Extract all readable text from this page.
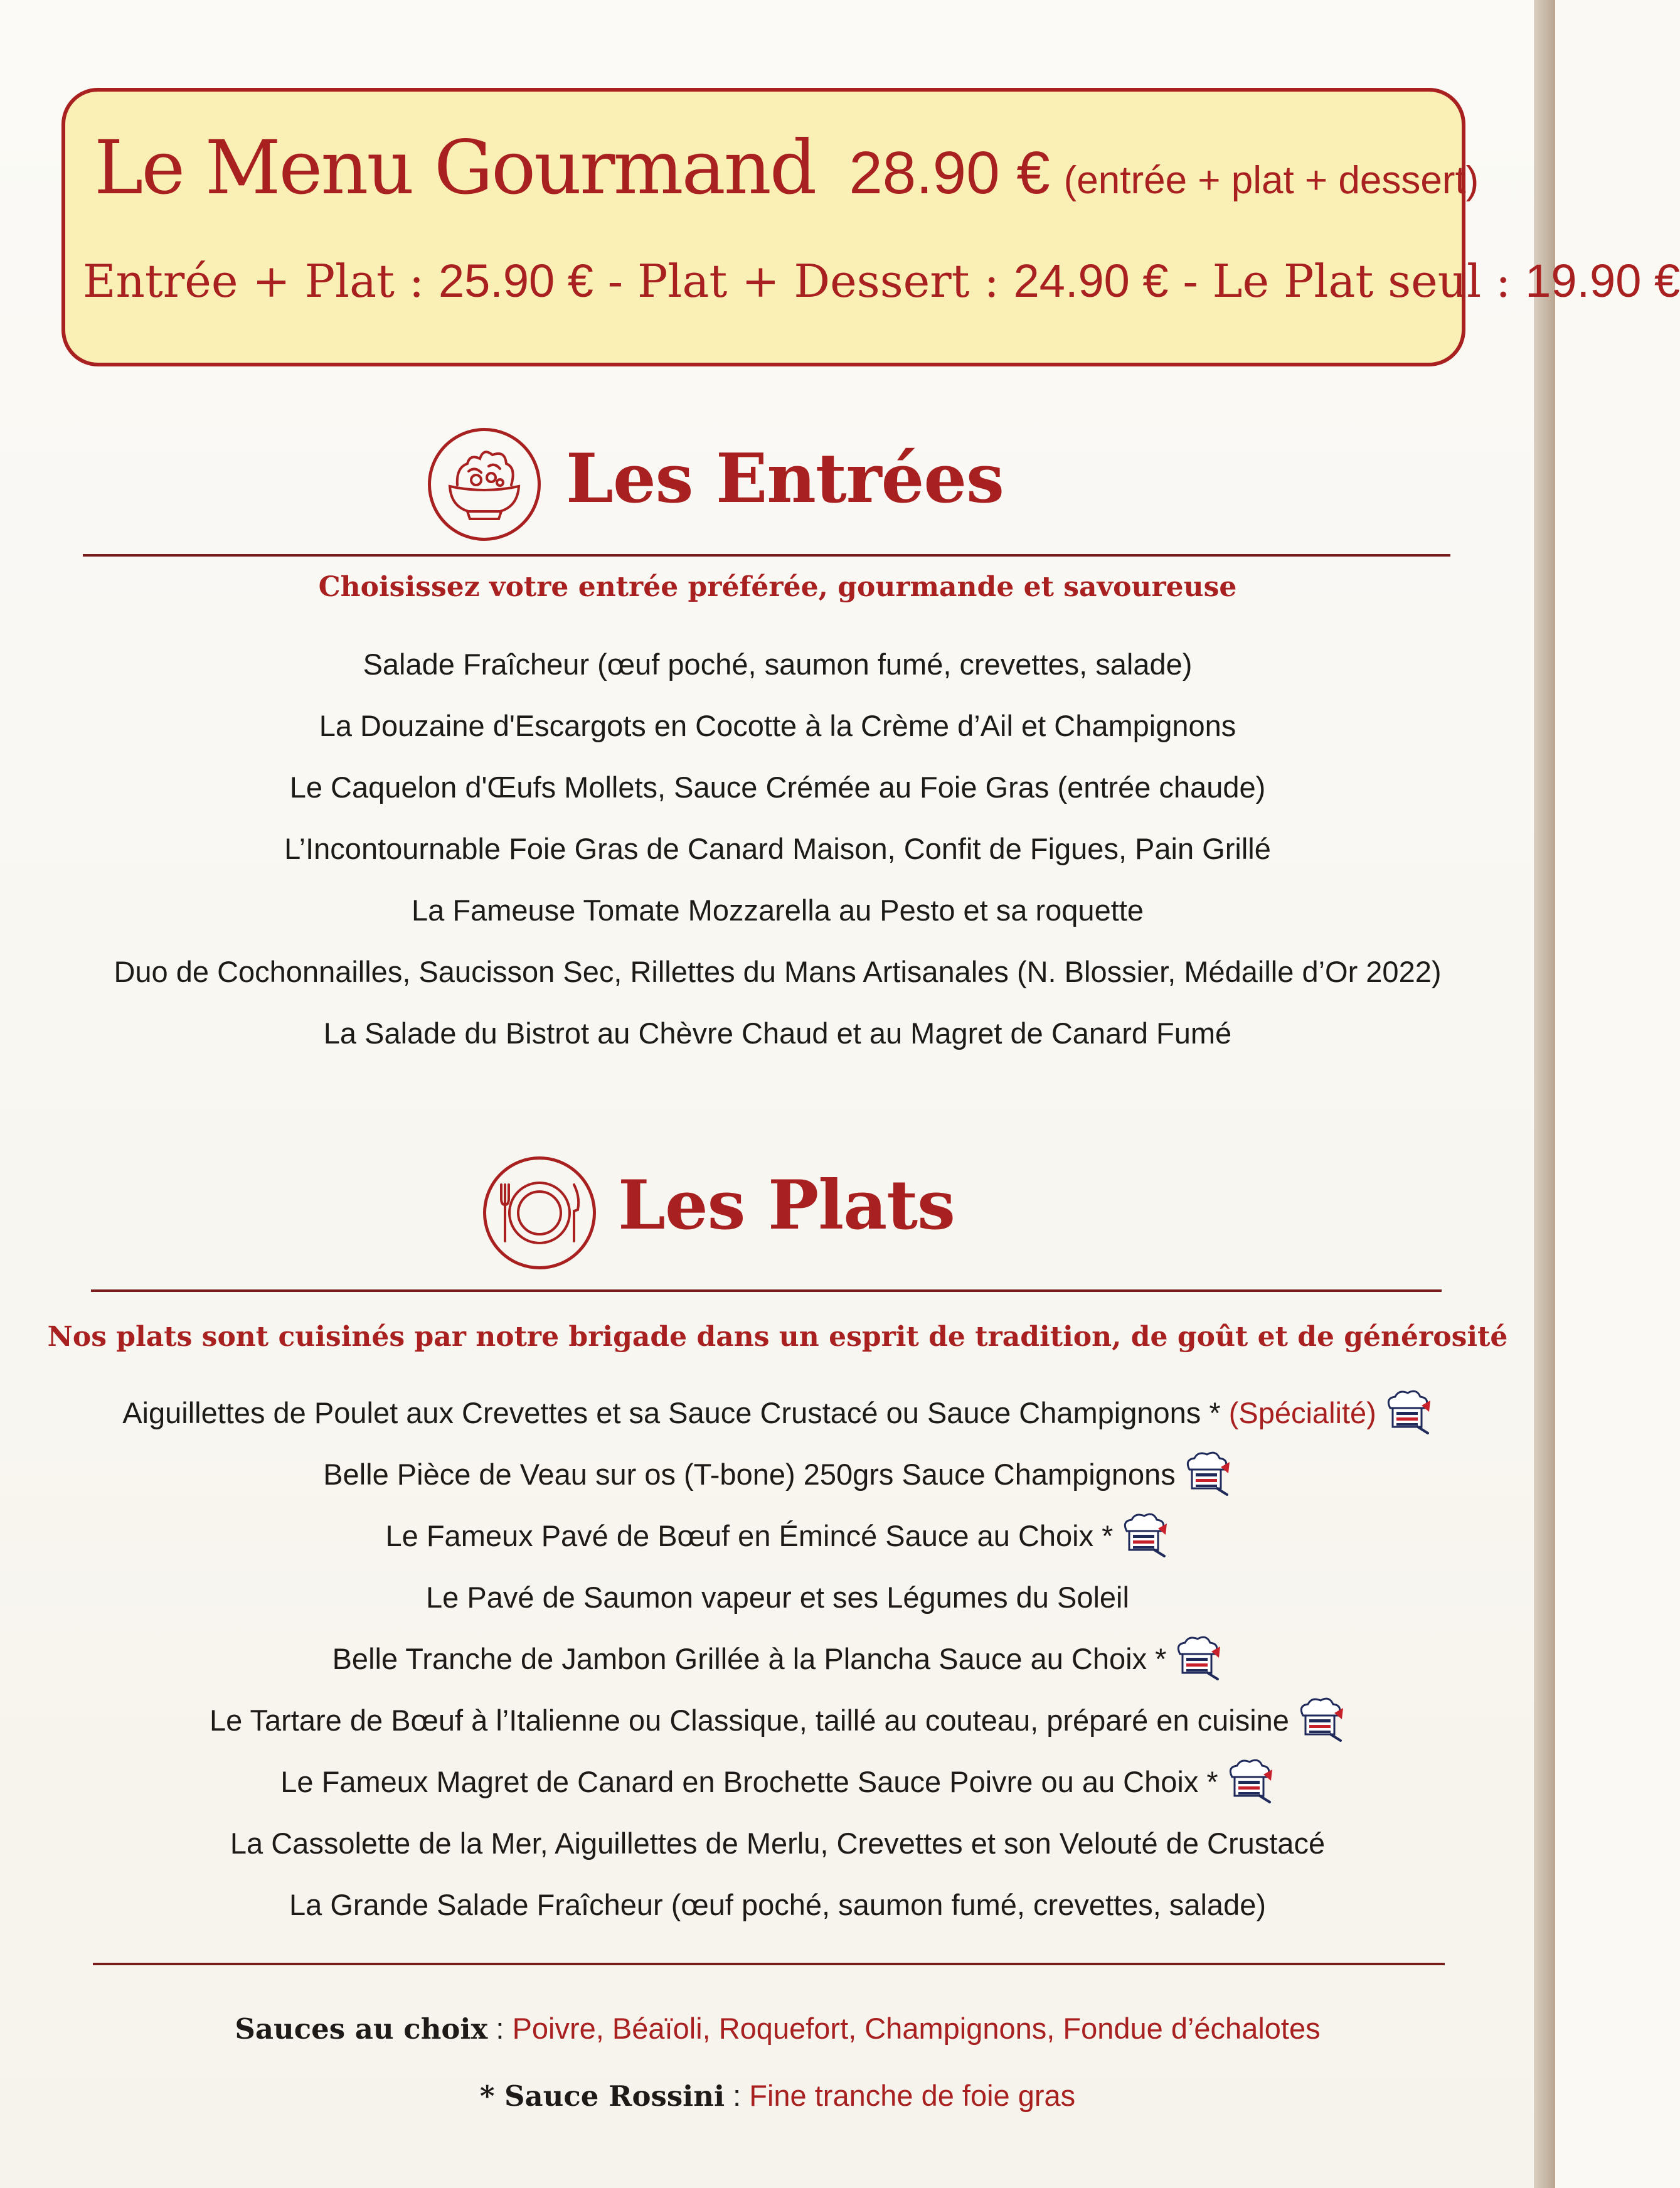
Le Menu Gourmand 28.90 € (entrée + plat + dessert)
Entrée + Plat : 25.90 € - Plat + Dessert : 24.90 € - Le Plat seul : 19.90 €
Les Entrées
Choisissez votre entrée préférée, gourmande et savoureuse
Salade Fraîcheur (œuf poché, saumon fumé, crevettes, salade)
La Douzaine d'Escargots en Cocotte à la Crème d’Ail et Champignons
Le Caquelon d'Œufs Mollets, Sauce Crémée au Foie Gras (entrée chaude)
L’Incontournable Foie Gras de Canard Maison, Confit de Figues, Pain Grillé
La Fameuse Tomate Mozzarella au Pesto et sa roquette
Duo de Cochonnailles, Saucisson Sec, Rillettes du Mans Artisanales (N. Blossier, Médaille d’Or 2022)
La Salade du Bistrot au Chèvre Chaud et au Magret de Canard Fumé
Les Plats
Nos plats sont cuisinés par notre brigade dans un esprit de tradition, de goût et de générosité
Aiguillettes de Poulet aux Crevettes et sa Sauce Crustacé ou Sauce Champignons * (Spécialité)
Belle Pièce de Veau sur os (T-bone) 250grs Sauce Champignons
Le Fameux Pavé de Bœuf en Émincé Sauce au Choix *
Le Pavé de Saumon vapeur et ses Légumes du Soleil
Belle Tranche de Jambon Grillée à la Plancha Sauce au Choix *
Le Tartare de Bœuf à l’Italienne ou Classique, taillé au couteau, préparé en cuisine
Le Fameux Magret de Canard en Brochette Sauce Poivre ou au Choix *
La Cassolette de la Mer, Aiguillettes de Merlu, Crevettes et son Velouté de Crustacé
La Grande Salade Fraîcheur (œuf poché, saumon fumé, crevettes, salade)
Sauces au choix : Poivre, Béaïoli, Roquefort, Champignons, Fondue d’échalotes
* Sauce Rossini : Fine tranche de foie gras
